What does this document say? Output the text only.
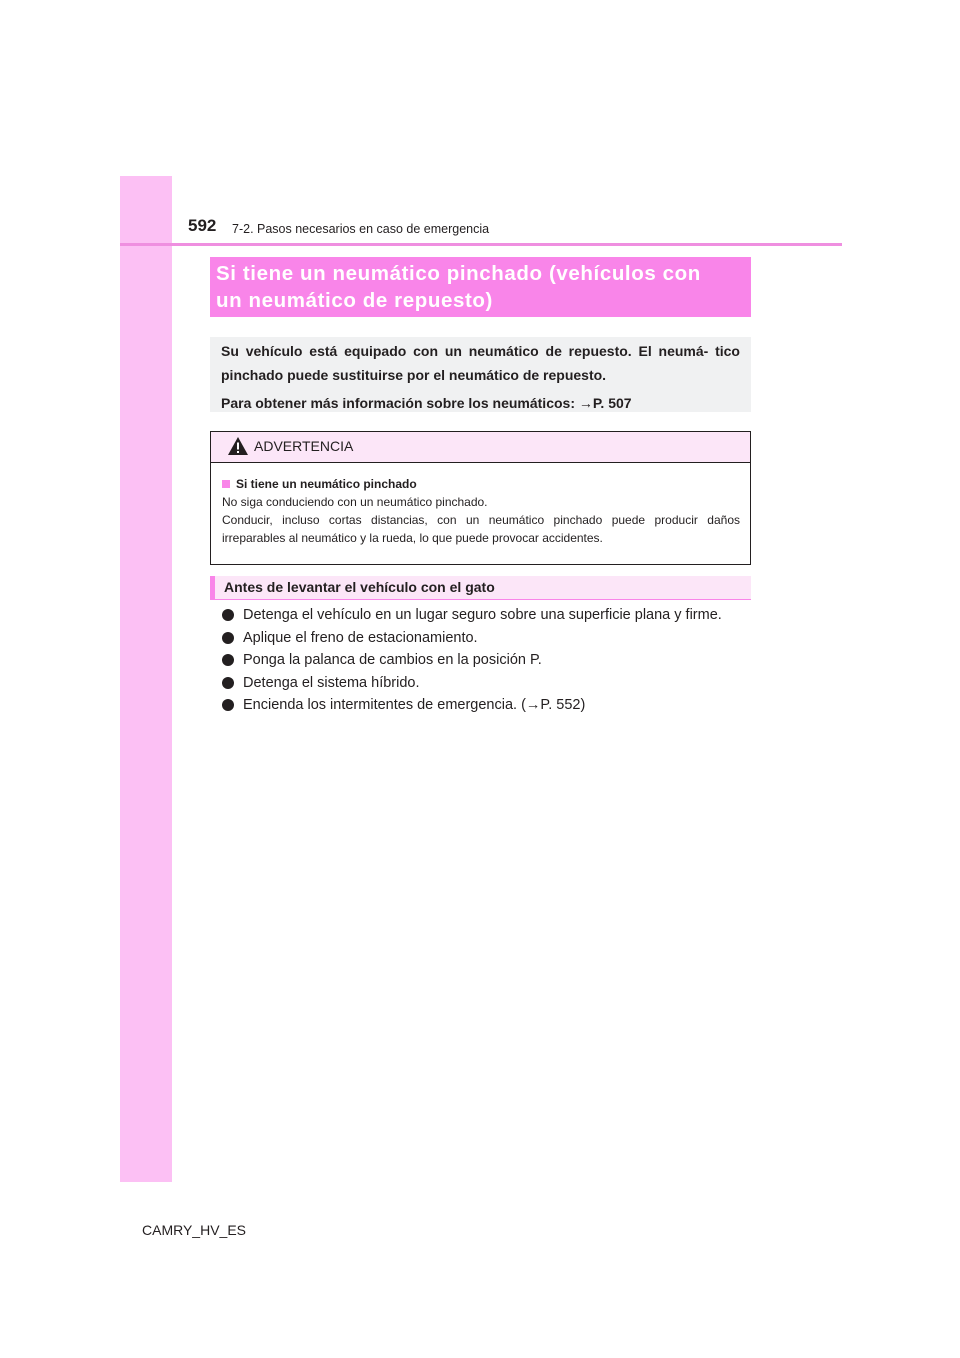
592 7-2. Pasos necesarios en caso de emergencia
Si tiene un neumático pinchado (vehículos con
un neumático de repuesto)

Su vehículo está equipado con un neumático de repuesto. El neumá- tico pinchado puede sustituirse por el neumático de repuesto.

Para obtener más información sobre los neumáticos: →P. 507

ADVERTENCIA
Si tiene un neumático pinchado
No siga conduciendo con un neumático pinchado.
Conducir, incluso cortas distancias, con un neumático pinchado puede producir daños irreparables al neumático y la rueda, lo que puede provocar accidentes.
Antes de levantar el vehículo con el gato
Detenga el vehículo en un lugar seguro sobre una superficie plana y firme.
Aplique el freno de estacionamiento.
Ponga la palanca de cambios en la posición P.
Detenga el sistema híbrido.
Encienda los intermitentes de emergencia. (→P. 552)
CAMRY_HV_ES
